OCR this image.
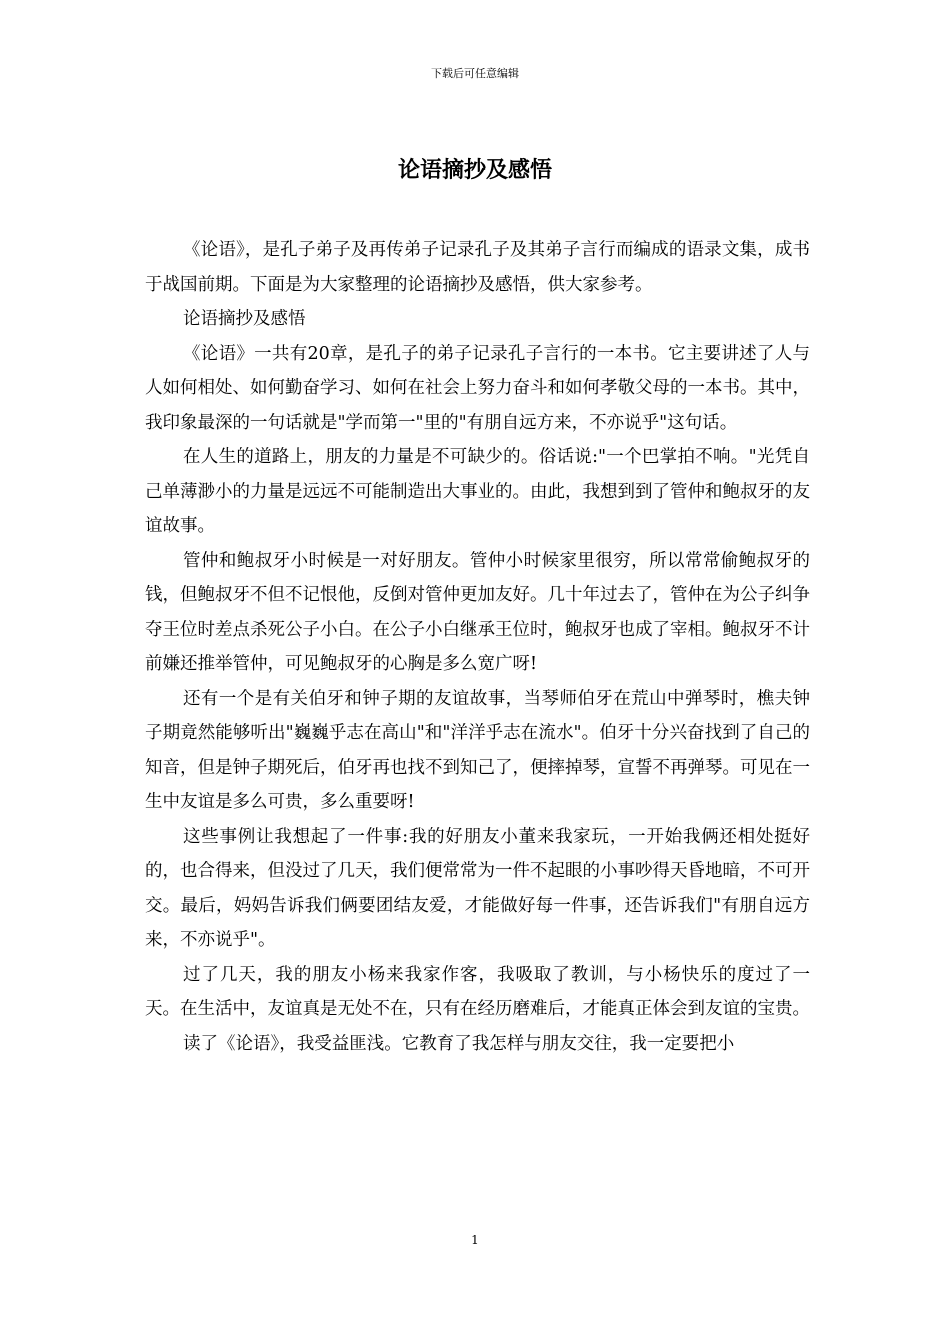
下载后可任意编辑
论语摘抄及感悟

《论语》，是孔子弟子及再传弟子记录孔子及其弟子言行而编成的语录文集，成书于战国前期。下面是为大家整理的论语摘抄及感悟，供大家参考。

论语摘抄及感悟

《论语》一共有20章，是孔子的弟子记录孔子言行的一本书。它主要讲述了人与人如何相处、如何勤奋学习、如何在社会上努力奋斗和如何孝敬父母的一本书。其中，我印象最深的一句话就是"学而第一"里的"有朋自远方来，不亦说乎"这句话。

在人生的道路上，朋友的力量是不可缺少的。俗话说:"一个巴掌拍不响。"光凭自己单薄渺小的力量是远远不可能制造出大事业的。由此，我想到到了管仲和鲍叔牙的友谊故事。

管仲和鲍叔牙小时候是一对好朋友。管仲小时候家里很穷，所以常常偷鲍叔牙的钱，但鲍叔牙不但不记恨他，反倒对管仲更加友好。几十年过去了，管仲在为公子纠争夺王位时差点杀死公子小白。在公子小白继承王位时，鲍叔牙也成了宰相。鲍叔牙不计前嫌还推举管仲，可见鲍叔牙的心胸是多么宽广呀!

还有一个是有关伯牙和钟子期的友谊故事，当琴师伯牙在荒山中弹琴时，樵夫钟子期竟然能够听出"巍巍乎志在高山"和"洋洋乎志在流水"。伯牙十分兴奋找到了自己的知音，但是钟子期死后，伯牙再也找不到知己了，便摔掉琴，宣誓不再弹琴。可见在一生中友谊是多么可贵，多么重要呀!

这些事例让我想起了一件事:我的好朋友小董来我家玩，一开始我俩还相处挺好的，也合得来，但没过了几天，我们便常常为一件不起眼的小事吵得天昏地暗，不可开交。最后，妈妈告诉我们俩要团结友爱，才能做好每一件事，还告诉我们"有朋自远方来，不亦说乎"。

过了几天，我的朋友小杨来我家作客，我吸取了教训，与小杨快乐的度过了一天。在生活中，友谊真是无处不在，只有在经历磨难后，才能真正体会到友谊的宝贵。

读了《论语》，我受益匪浅。它教育了我怎样与朋友交往，我一定要把小

1
